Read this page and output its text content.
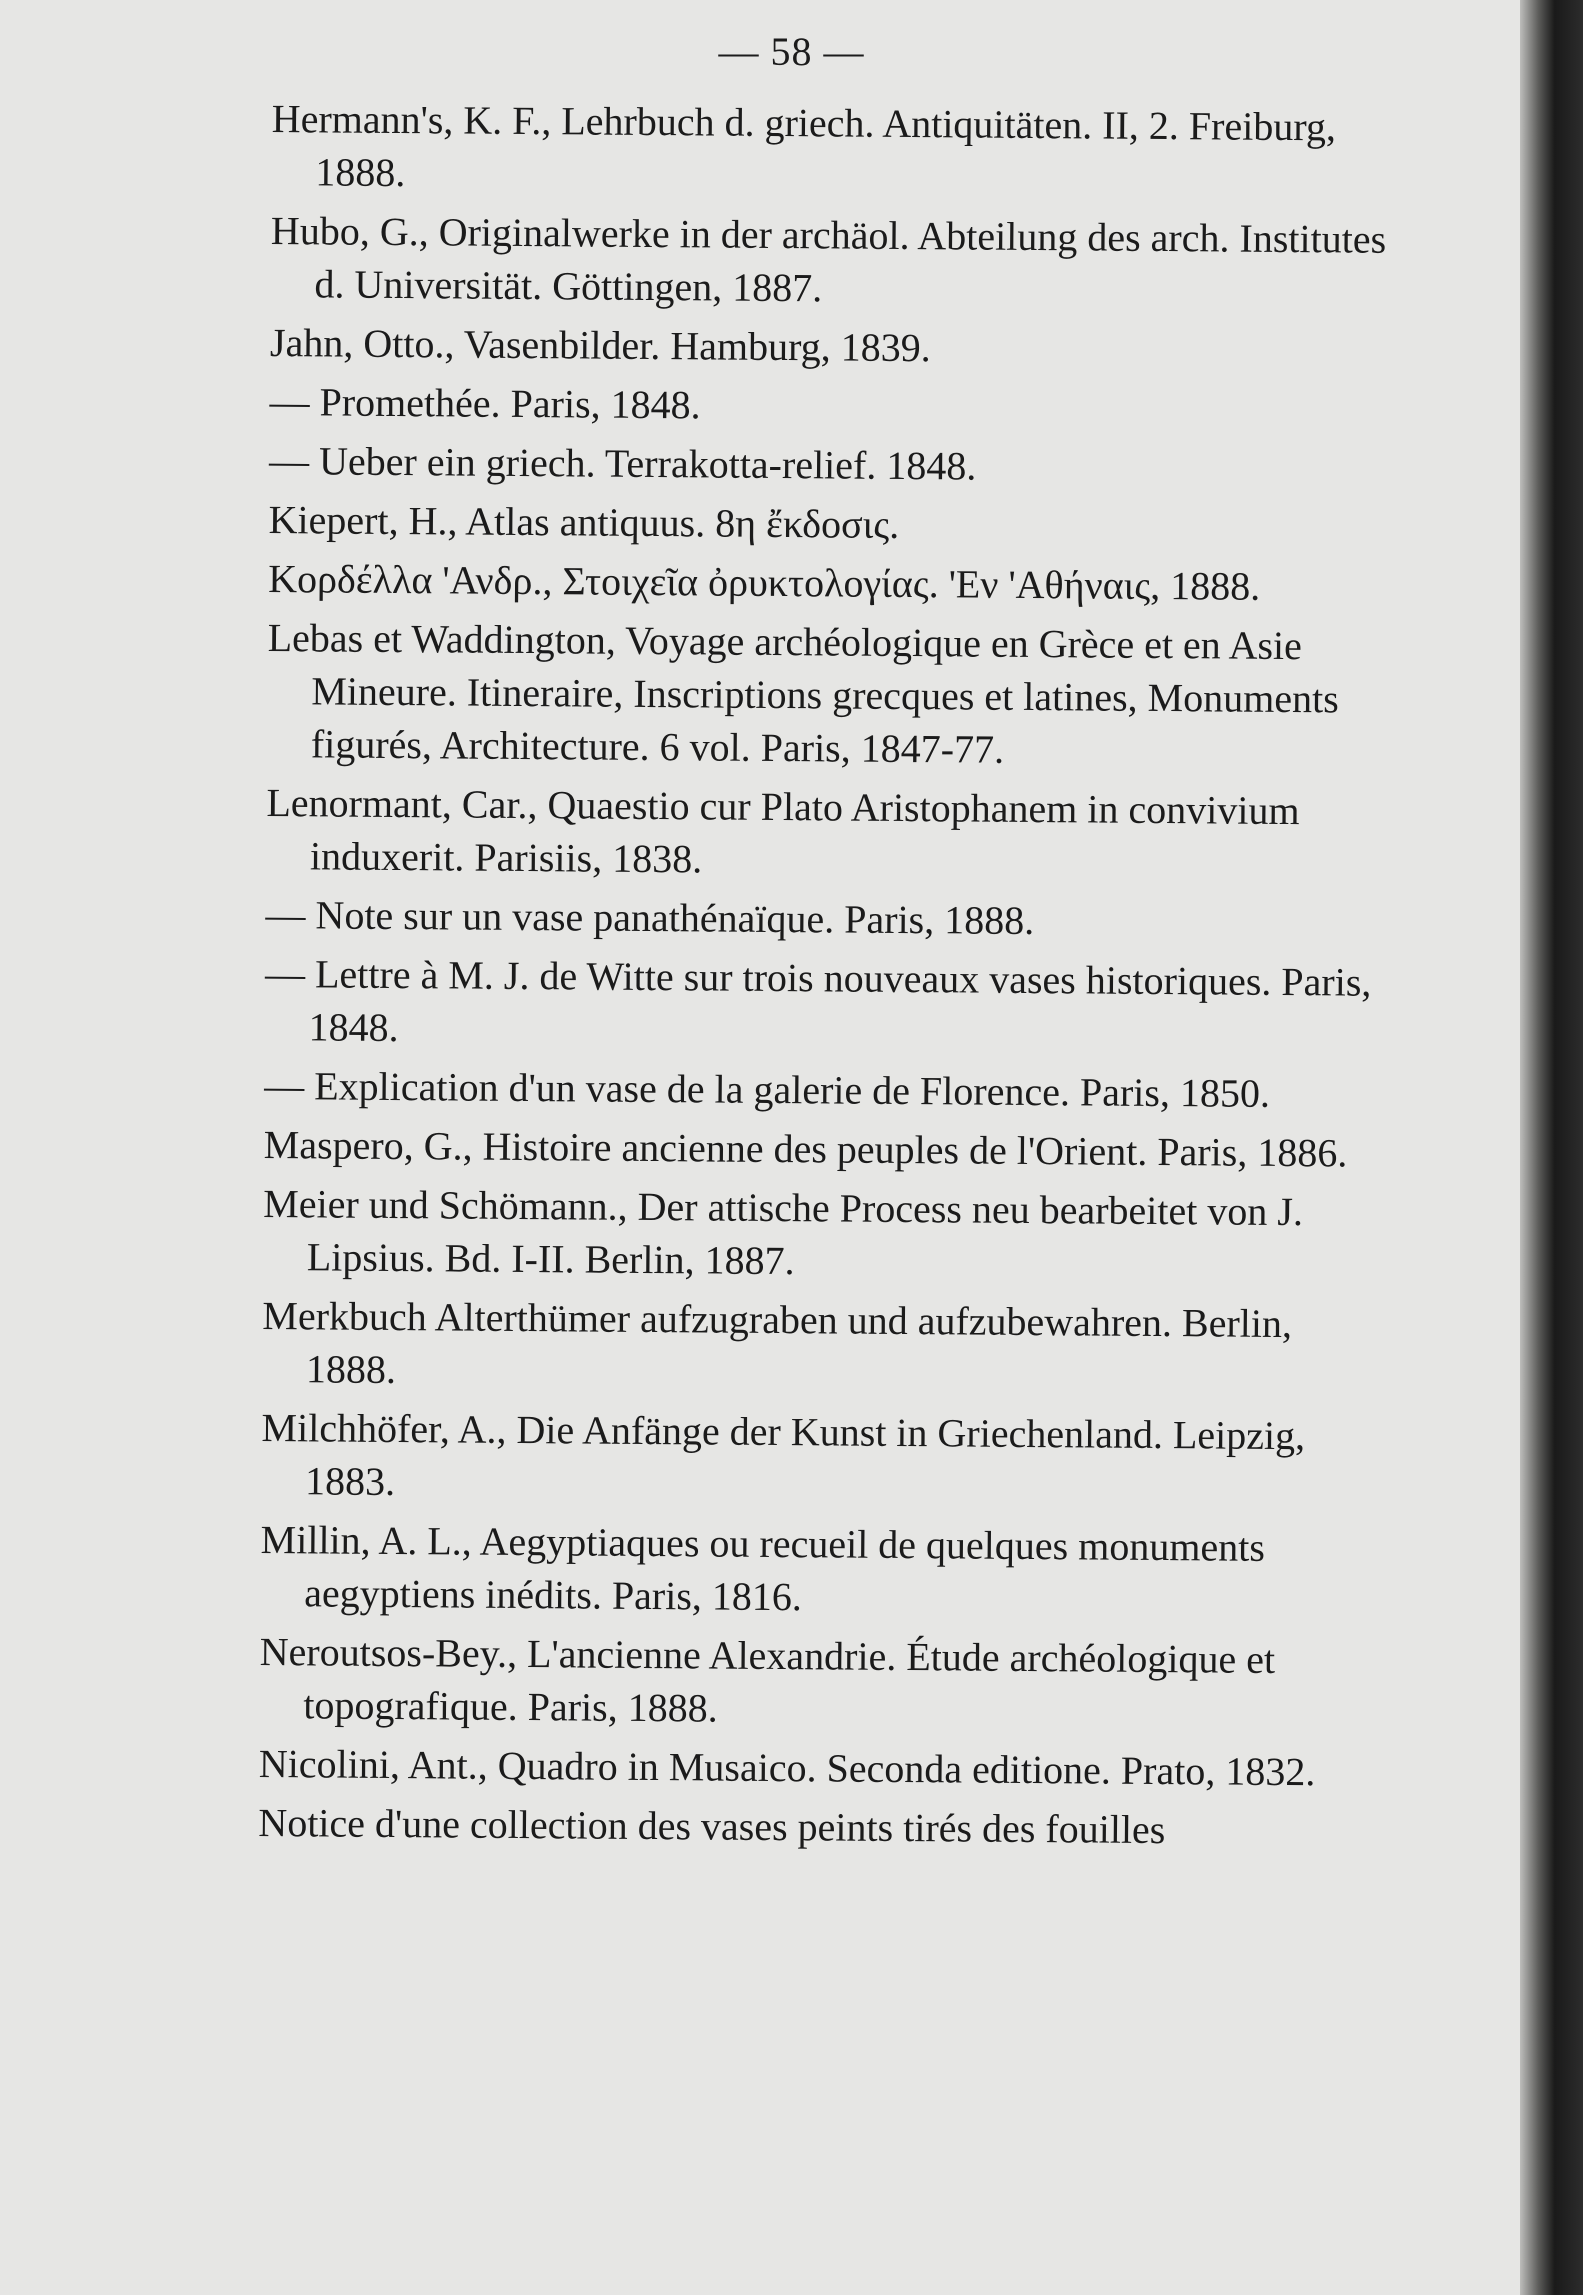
— 58 —

Hermann's, K. F., Lehrbuch d. griech. Antiquitäten. II, 2. Freiburg, 1888.

Hubo, G., Originalwerke in der archäol. Abteilung des arch. Institutes d. Universität. Göttingen, 1887.

Jahn, Otto., Vasenbilder. Hamburg, 1839.

— Promethée. Paris, 1848.

— Ueber ein griech. Terrakotta-relief. 1848.

Kiepert, H., Atlas antiquus. 8η ἔκδοσις.

Κορδέλλα 'Ανδρ., Στοιχεῖα ὀρυκτολογίας. 'Εν 'Αθήναις, 1888.

Lebas et Waddington, Voyage archéologique en Grèce et en Asie Mineure. Itineraire, Inscriptions grecques et latines, Monuments figurés, Architecture. 6 vol. Paris, 1847-77.

Lenormant, Car., Quaestio cur Plato Aristophanem in convivium induxerit. Parisiis, 1838.

— Note sur un vase panathénaïque. Paris, 1888.

— Lettre à M. J. de Witte sur trois nouveaux vases historiques. Paris, 1848.

— Explication d'un vase de la galerie de Florence. Paris, 1850.

Maspero, G., Histoire ancienne des peuples de l'Orient. Paris, 1886.

Meier und Schömann., Der attische Process neu bearbeitet von J. Lipsius. Bd. I-II. Berlin, 1887.

Merkbuch Alterthümer aufzugraben und aufzubewahren. Berlin, 1888.

Milchhöfer, A., Die Anfänge der Kunst in Griechenland. Leipzig, 1883.

Millin, A. L., Aegyptiaques ou recueil de quelques monuments aegyptiens inédits. Paris, 1816.

Neroutsos-Bey., L'ancienne Alexandrie. Étude archéologique et topografique. Paris, 1888.

Nicolini, Ant., Quadro in Musaico. Seconda editione. Prato, 1832.

Notice d'une collection des vases peints tirés des fouilles
